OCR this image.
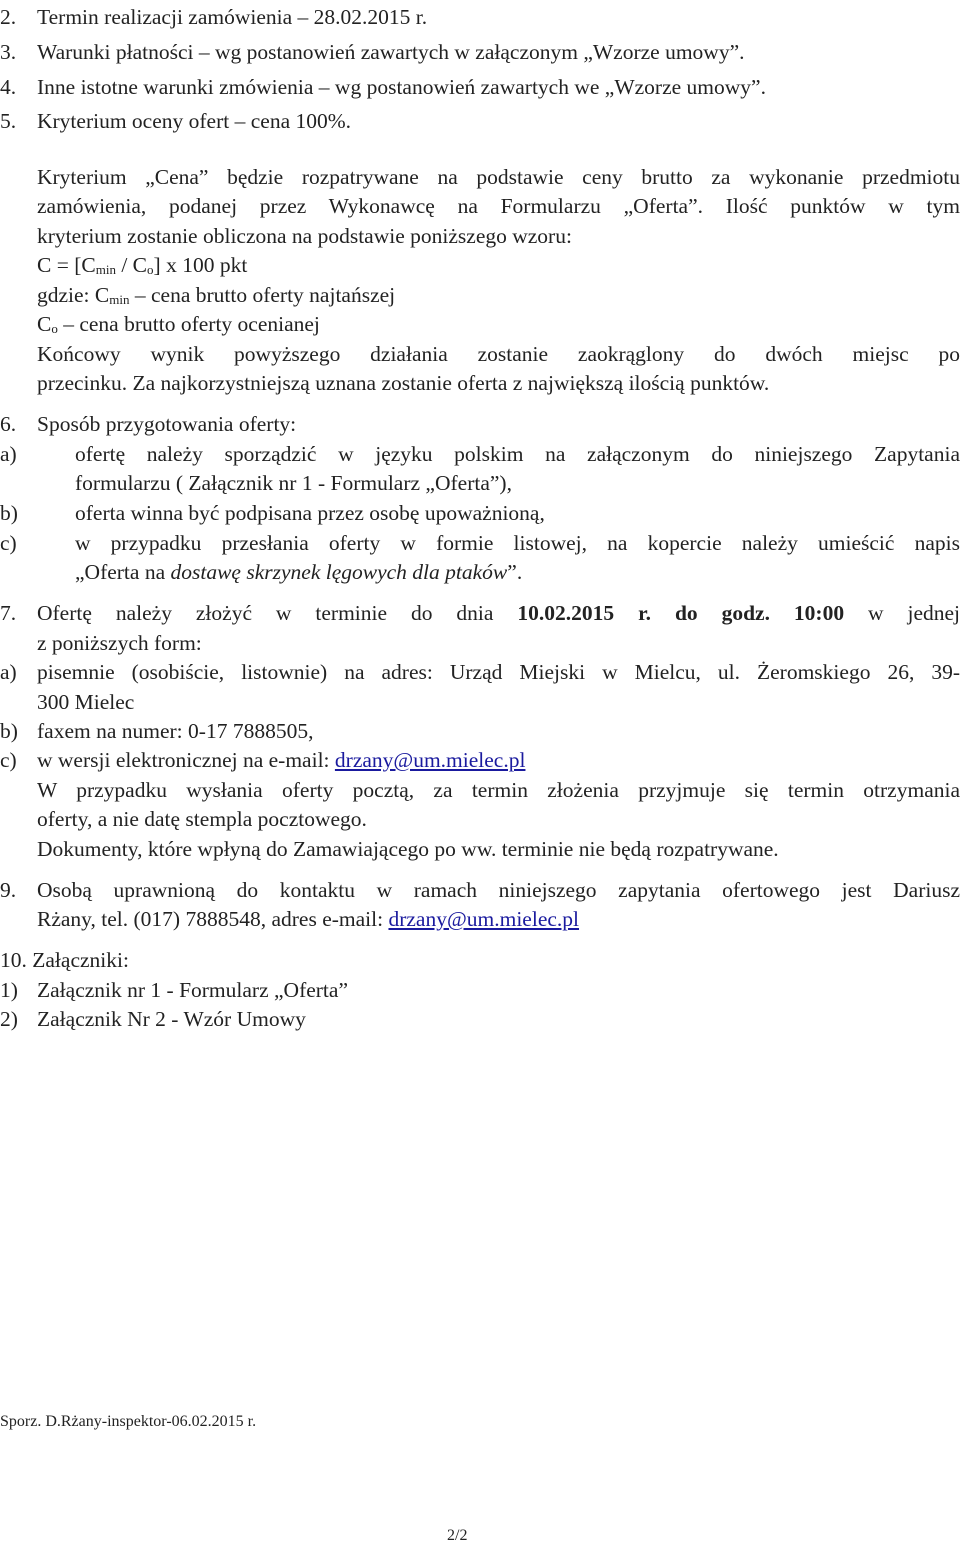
2. Termin realizacji zamówienia – 28.02.2015 r.
3. Warunki płatności – wg postanowień zawartych w załączonym „Wzorze umowy”.
4. Inne istotne warunki zmówienia – wg postanowień zawartych we „Wzorze umowy”.
5. Kryterium oceny ofert – cena 100%.
Kryterium „Cena” będzie rozpatrywane na podstawie ceny brutto za wykonanie przedmiotu
zamówienia, podanej przez Wykonawcę na Formularzu „Oferta”. Ilość punktów w tym
kryterium zostanie obliczona na podstawie poniższego wzoru:
$C = [C_{min} / C_o]$ x 100 pkt
gdzie: $C_{min}$ – cena brutto oferty najtańszej
$C_o$ – cena brutto oferty ocenianej
Końcowy wynik powyższego działania zostanie zaokrąglony do dwóch miejsc po
przecinku. Za najkorzystniejszą uznana zostanie oferta z największą ilością punktów.
6. Sposób przygotowania oferty:
a)	ofertę należy sporządzić w języku polskim na załączonym do niniejszego Zapytania
formularzu ( Załącznik nr 1 - Formularz „Oferta”),
b)	oferta winna być podpisana przez osobę upoważnioną,
c)	w przypadku przesłania oferty w formie listowej, na kopercie należy umieścić napis
„Oferta na dostawę skrzynek lęgowych dla ptaków”.
7. Ofertę należy złożyć w terminie do dnia 10.02.2015 r. do godz. 10:00 w jednej
z poniższych form:
a) pisemnie (osobiście, listownie) na adres: Urząd Miejski w Mielcu, ul. Żeromskiego 26, 39-
300 Mielec
b) faxem na numer: 0-17 7888505,
c) w wersji elektronicznej na e-mail: drzany@um.mielec.pl
W przypadku wysłania oferty pocztą, za termin złożenia przyjmuje się termin otrzymania
oferty, a nie datę stempla pocztowego.
Dokumenty, które wpłyną do Zamawiającego po ww. terminie nie będą rozpatrywane.
9. Osobą uprawnioną do kontaktu w ramach niniejszego zapytania ofertowego jest Dariusz
Rżany, tel. (017) 7888548, adres e-mail: drzany@um.mielec.pl
10. Załączniki:
1) Załącznik nr 1 - Formularz „Oferta”
2) Załącznik Nr 2 - Wzór Umowy
Sporz. D.Rżany-inspektor-06.02.2015 r.
2/2
